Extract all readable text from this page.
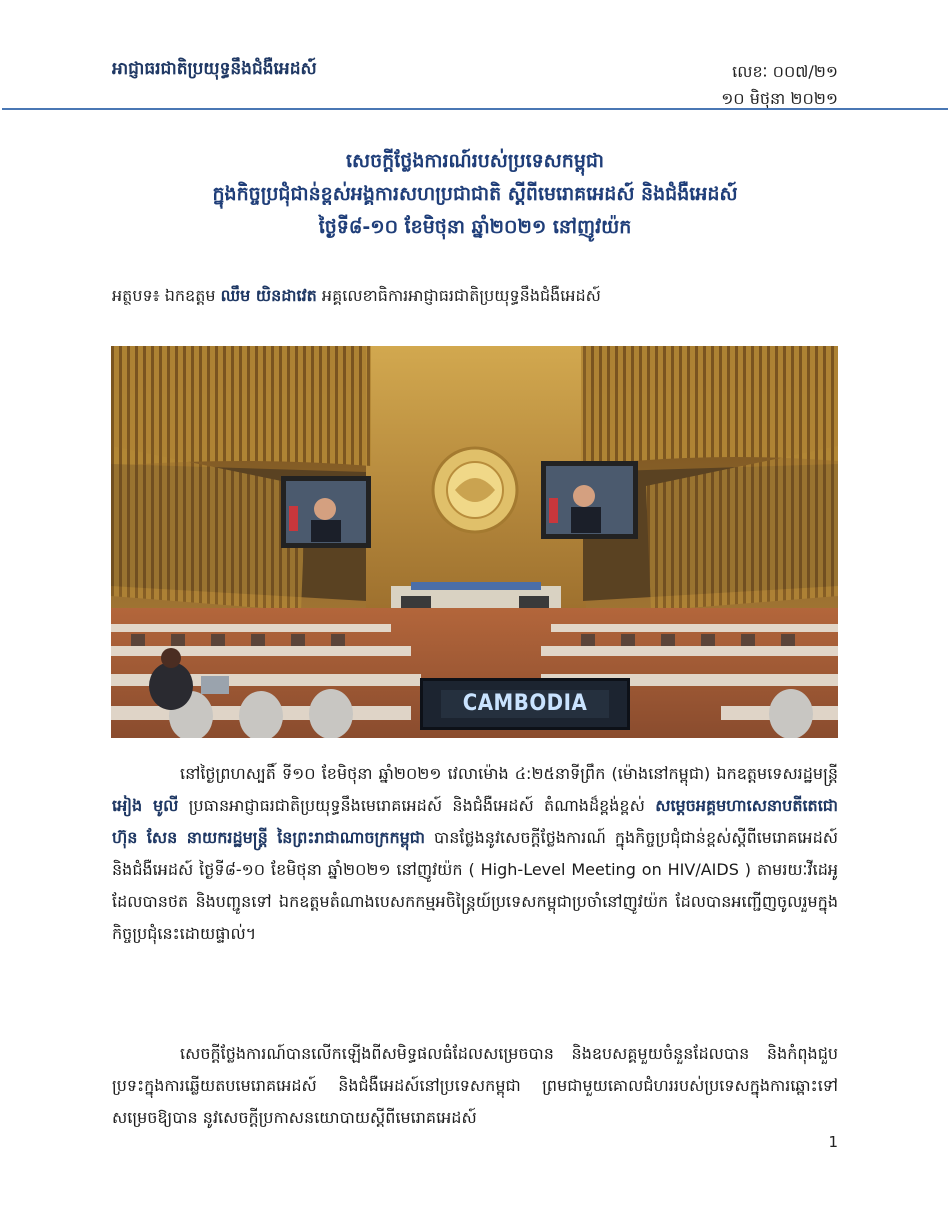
អាជ្ញាធរជាតិប្រយុទ្ធនឹងជំងឺអេដស៍	លេខៈ ០០៧/២១
១០ មិថុនា ២០២១
សេចក្តីថ្លែងការណ៍របស់ប្រទេសកម្ពុជា
ក្នុងកិច្ចប្រជុំជាន់ខ្ពស់អង្គការសហប្រជាជាតិ ស្តីពីមេរោគអេដស៍ និងជំងឺអេដស៍
ថ្ងៃទី៨-១០ ខែមិថុនា ឆ្នាំ២០២១ នៅញូវយ៉ក
អត្ថបទ៖ ឯកឧត្តម ឈឹម យិនដាវេត អគ្គលេខាធិការអាជ្ញាធរជាតិប្រយុទ្ធនឹងជំងឺអេដស៍
CAMBODIA
នៅថ្ងៃព្រហស្បតិ៍ ទី១០ ខែមិថុនា ឆ្នាំ២០២១ វេលាម៉ោង ៤:២៥នាទីព្រឹក (ម៉ោងនៅកម្ពុជា) ឯកឧត្តមទេសរដ្ឋមន្ត្រី អៀង មូលី ប្រធានអាជ្ញាធរជាតិប្រយុទ្ធនឹងមេរោគអេដស៍ និងជំងឺអេដស៍ តំណាងដ៏ខ្ពង់ខ្ពស់ សម្តេចអគ្គមហាសេនាបតីតេជោ ហ៊ុន សែន នាយករដ្ឋមន្ត្រី នៃព្រះរាជាណាចក្រកម្ពុជា បានថ្លែងនូវសេចក្តីថ្លែងការណ៍ ក្នុងកិច្ចប្រជុំជាន់ខ្ពស់ស្តីពីមេរោគអេដស៍ និងជំងឺអេដស៍ ថ្ងៃទី៨-១០ ខែមិថុនា ឆ្នាំ២០២១ នៅញូវយ៉ក ( High-Level Meeting on HIV/AIDS ) តាមរយៈវីដេអូដែលបានថត និងបញ្ជូនទៅ ឯកឧត្តមតំណាងបេសកកម្មអចិន្ត្រៃយ៍ប្រទេសកម្ពុជាប្រចាំនៅញូវយ៉ក ដែលបានអញ្ជើញចូលរួមក្នុងកិច្ចប្រជុំនេះដោយផ្ទាល់។
សេចក្តីថ្លែងការណ៍បានលើកឡើងពីសមិទ្ធផលធំដែលសម្រេចបាន និងឧបសគ្គមួយចំនួនដែលបាន និងកំពុងជួបប្រទះក្នុងការឆ្លើយតបមេរោគអេដស៍ និងជំងឺអេដស៍នៅប្រទេសកម្ពុជា ព្រមជាមួយគោលជំហររបស់ប្រទេសក្នុងការឆ្ពោះទៅសម្រេចឱ្យបាន នូវសេចក្តីប្រកាសនយោបាយស្តីពីមេរោគអេដស៍
1
